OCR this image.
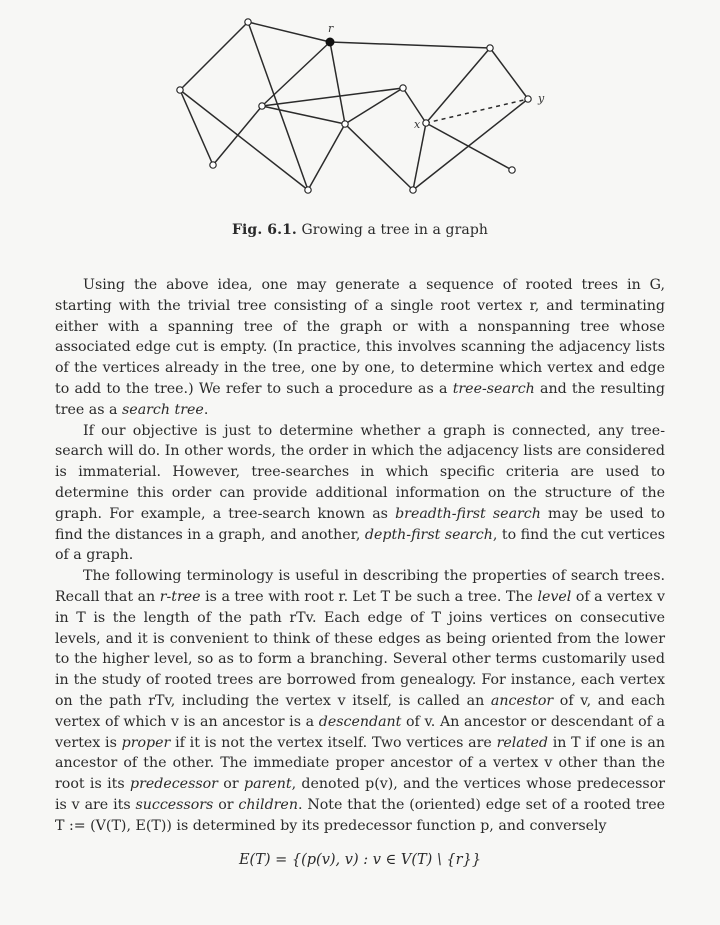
r
x
y
Fig. 6.1. Growing a tree in a graph

Using the above idea, one may generate a sequence of rooted trees in G, starting with the trivial tree consisting of a single root vertex r, and terminating either with a spanning tree of the graph or with a nonspanning tree whose associated edge cut is empty. (In practice, this involves scanning the adjacency lists of the vertices already in the tree, one by one, to determine which vertex and edge to add to the tree.) We refer to such a procedure as a tree-search and the resulting tree as a search tree.

If our objective is just to determine whether a graph is connected, any tree-search will do. In other words, the order in which the adjacency lists are considered is immaterial. However, tree-searches in which specific criteria are used to determine this order can provide additional information on the structure of the graph. For example, a tree-search known as breadth-first search may be used to find the distances in a graph, and another, depth-first search, to find the cut vertices of a graph.

The following terminology is useful in describing the properties of search trees. Recall that an r-tree is a tree with root r. Let T be such a tree. The level of a vertex v in T is the length of the path rTv. Each edge of T joins vertices on consecutive levels, and it is convenient to think of these edges as being oriented from the lower to the higher level, so as to form a branching. Several other terms customarily used in the study of rooted trees are borrowed from genealogy. For instance, each vertex on the path rTv, including the vertex v itself, is called an ancestor of v, and each vertex of which v is an ancestor is a descendant of v. An ancestor or descendant of a vertex is proper if it is not the vertex itself. Two vertices are related in T if one is an ancestor of the other. The immediate proper ancestor of a vertex v other than the root is its predecessor or parent, denoted p(v), and the vertices whose predecessor is v are its successors or children. Note that the (oriented) edge set of a rooted tree T := (V(T), E(T)) is determined by its predecessor function p, and conversely

E(T) = {(p(v), v) : v ∈ V(T) \ {r}}
